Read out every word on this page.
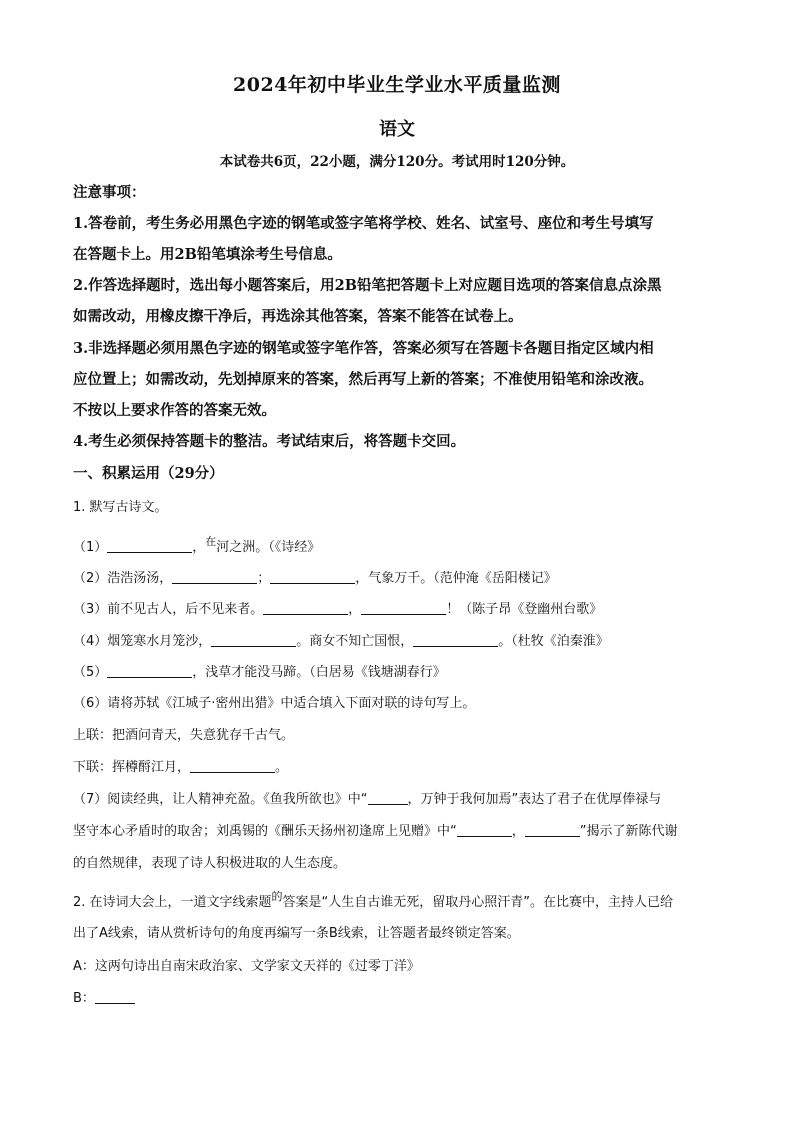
2024年初中毕业生学业水平质量监测
语文
本试卷共6页，22小题，满分120分。考试用时120分钟。
注意事项：
1.答卷前，考生务必用黑色字迹的钢笔或签字笔将学校、姓名、试室号、座位和考生号填写
在答题卡上。用2B铅笔填涂考生号信息。
2.作答选择题时，选出每小题答案后，用2B铅笔把答题卡上对应题目选项的答案信息点涂黑
如需改动，用橡皮擦干净后，再选涂其他答案，答案不能答在试卷上。
3.非选择题必须用黑色字迹的钢笔或签字笔作答，答案必须写在答题卡各题目指定区域内相
应位置上；如需改动，先划掉原来的答案，然后再写上新的答案；不准使用铅笔和涂改液。
不按以上要求作答的答案无效。
4.考生必须保持答题卡的整洁。考试结束后，将答题卡交回。
一、积累运用（29分）
1. 默写古诗文。
（1）	，$^在$河之洲。（《诗经》
（2）浩浩汤汤，	；	，气象万千。（范仲淹《岳阳楼记》
（3）前不见古人，后不见来者。	，	！（陈子昂《登幽州台歌》
（4）烟笼寒水月笼沙，	。商女不知亡国恨，	。（杜牧《泊秦淮》
（5）	，浅草才能没马蹄。（白居易《钱塘湖春行》
（6）请将苏轼《江城子·密州出猎》中适合填入下面对联的诗句写上。
上联：把酒问青天，失意犹存千古气。
下联：挥樽酹江月，	。
（7）阅读经典，让人精神充盈。《鱼我所欲也》中“	，万钟于我何加焉”表达了君子在优厚俸禄与
坚守本心矛盾时的取舍；刘禹锡的《酬乐天扬州初逢席上见赠》中“	，	”揭示了新陈代谢
的自然规律，表现了诗人积极进取的人生态度。
2. 在诗词大会上，一道文字线索题$^的$答案是“人生自古谁无死，留取丹心照汗青”。在比赛中，主持人已给
出了A线索，请从赏析诗句的角度再编写一条B线索，让答题者最终锁定答案。
A：这两句诗出自南宋政治家、文学家文天祥的《过零丁洋》
B：
